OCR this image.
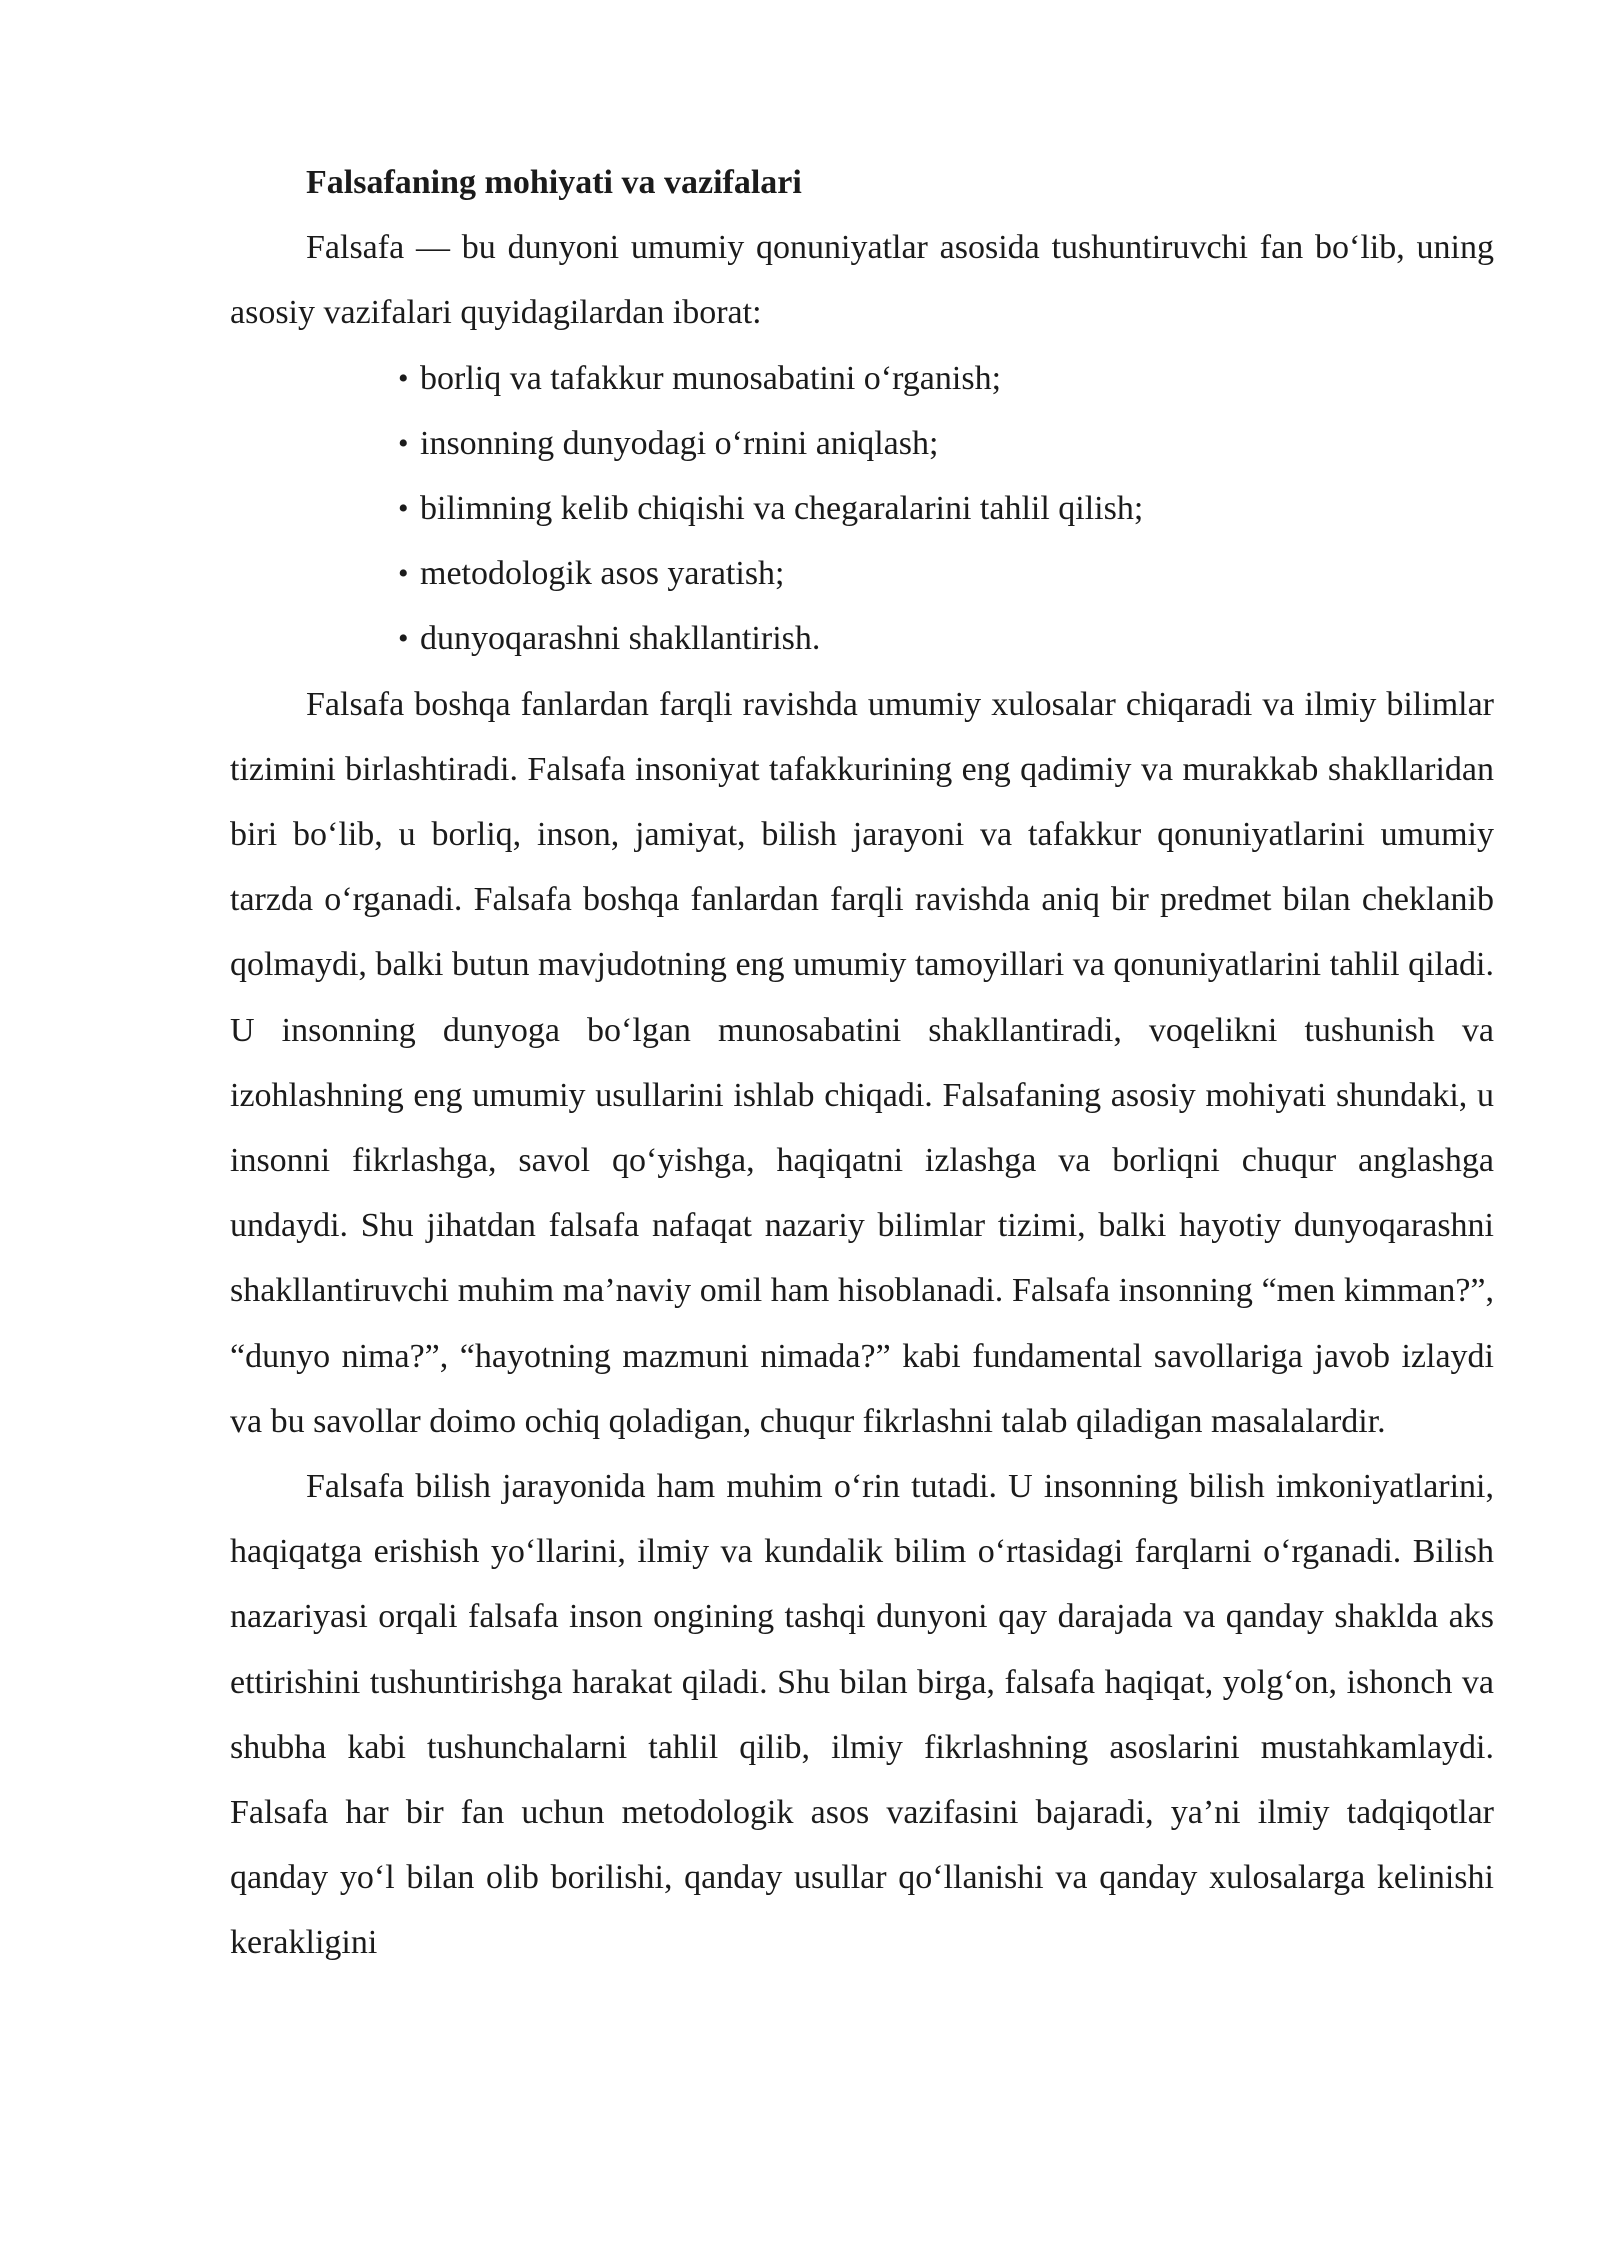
Falsafaning mohiyati va vazifalari

Falsafa — bu dunyoni umumiy qonuniyatlar asosida tushuntiruvchi fan bo‘lib, uning asosiy vazifalari quyidagilardan iborat:

• borliq va tafakkur munosabatini o‘rganish;
• insonning dunyodagi o‘rnini aniqlash;
• bilimning kelib chiqishi va chegaralarini tahlil qilish;
• metodologik asos yaratish;
• dunyoqarashni shakllantirish.

Falsafa boshqa fanlardan farqli ravishda umumiy xulosalar chiqaradi va ilmiy bilimlar tizimini birlashtiradi. Falsafa insoniyat tafakkurining eng qadimiy va murakkab shakllaridan biri bo‘lib, u borliq, inson, jamiyat, bilish jarayoni va tafakkur qonuniyatlarini umumiy tarzda o‘rganadi. Falsafa boshqa fanlardan farqli ravishda aniq bir predmet bilan cheklanib qolmaydi, balki butun mavjudotning eng umumiy tamoyillari va qonuniyatlarini tahlil qiladi. U insonning dunyoga bo‘lgan munosabatini shakllantiradi, voqelikni tushunish va izohlashning eng umumiy usullarini ishlab chiqadi. Falsafaning asosiy mohiyati shundaki, u insonni fikrlashga, savol qo‘yishga, haqiqatni izlashga va borliqni chuqur anglashga undaydi. Shu jihatdan falsafa nafaqat nazariy bilimlar tizimi, balki hayotiy dunyoqarashni shakllantiruvchi muhim ma’naviy omil ham hisoblanadi. Falsafa insonning “men kimman?”, “dunyo nima?”, “hayotning mazmuni nimada?” kabi fundamental savollariga javob izlaydi va bu savollar doimo ochiq qoladigan, chuqur fikrlashni talab qiladigan masalalardir.

Falsafa bilish jarayonida ham muhim o‘rin tutadi. U insonning bilish imkoniyatlarini, haqiqatga erishish yo‘llarini, ilmiy va kundalik bilim o‘rtasidagi farqlarni o‘rganadi. Bilish nazariyasi orqali falsafa inson ongining tashqi dunyoni qay darajada va qanday shaklda aks ettirishini tushuntirishga harakat qiladi. Shu bilan birga, falsafa haqiqat, yolg‘on, ishonch va shubha kabi tushunchalarni tahlil qilib, ilmiy fikrlashning asoslarini mustahkamlaydi. Falsafa har bir fan uchun metodologik asos vazifasini bajaradi, ya’ni ilmiy tadqiqotlar qanday yo‘l bilan olib borilishi, qanday usullar qo‘llanishi va qanday xulosalarga kelinishi kerakligini
